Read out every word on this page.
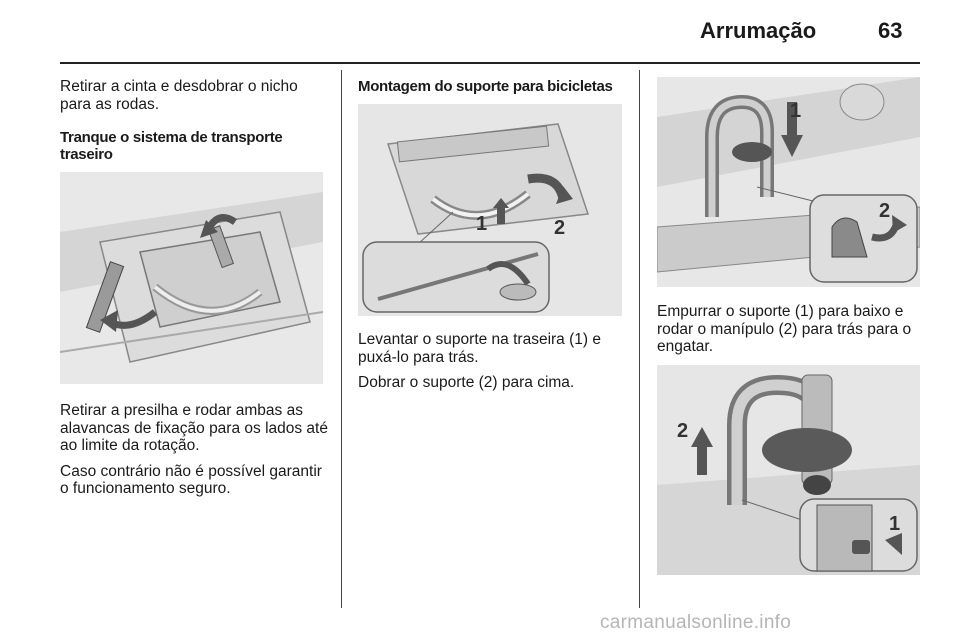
Arrumação	63

Retirar a cinta e desdobrar o nicho para as rodas.

Tranque o sistema de transporte traseiro

Retirar a presilha e rodar ambas as alavancas de fixação para os lados até ao limite da rotação.

Caso contrário não é possível garantir o funcionamento seguro.

Montagem do suporte para bicicletas

1	2

Levantar o suporte na traseira (1) e puxá-lo para trás.

Dobrar o suporte (2) para cima.

1
2

Empurrar o suporte (1) para baixo e rodar o manípulo (2) para trás para o engatar.

2
1
carmanualsonline.info
